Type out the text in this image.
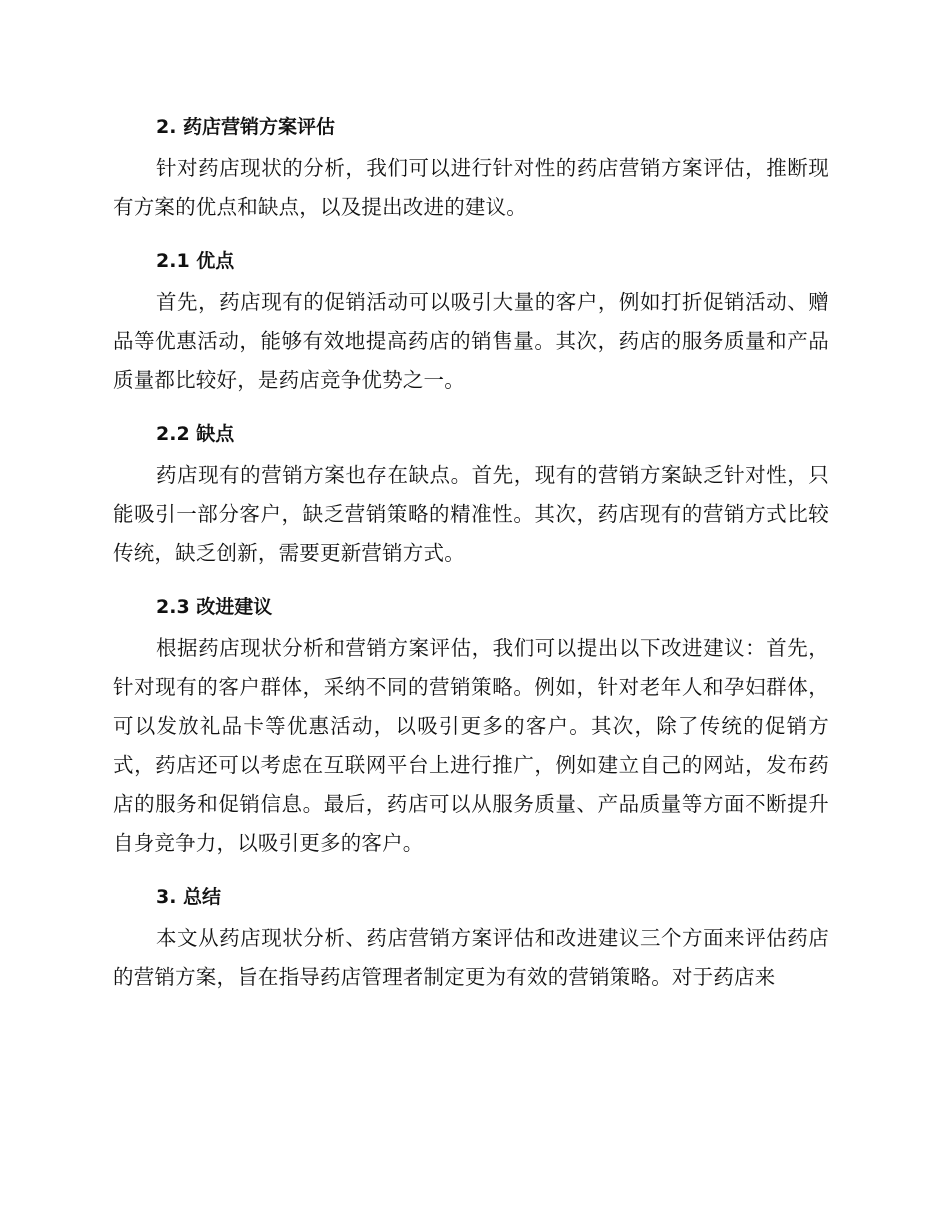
2. 药店营销方案评估

针对药店现状的分析，我们可以进行针对性的药店营销方案评估，推断现有方案的优点和缺点，以及提出改进的建议。

2.1 优点

首先，药店现有的促销活动可以吸引大量的客户，例如打折促销活动、赠品等优惠活动，能够有效地提高药店的销售量。其次，药店的服务质量和产品质量都比较好，是药店竞争优势之一。

2.2 缺点

药店现有的营销方案也存在缺点。首先，现有的营销方案缺乏针对性，只能吸引一部分客户，缺乏营销策略的精准性。其次，药店现有的营销方式比较传统，缺乏创新，需要更新营销方式。

2.3 改进建议

根据药店现状分析和营销方案评估，我们可以提出以下改进建议：首先，针对现有的客户群体，采纳不同的营销策略。例如，针对老年人和孕妇群体，可以发放礼品卡等优惠活动，以吸引更多的客户。其次，除了传统的促销方式，药店还可以考虑在互联网平台上进行推广，例如建立自己的网站，发布药店的服务和促销信息。最后，药店可以从服务质量、产品质量等方面不断提升自身竞争力，以吸引更多的客户。

3. 总结

本文从药店现状分析、药店营销方案评估和改进建议三个方面来评估药店的营销方案，旨在指导药店管理者制定更为有效的营销策略。对于药店来
